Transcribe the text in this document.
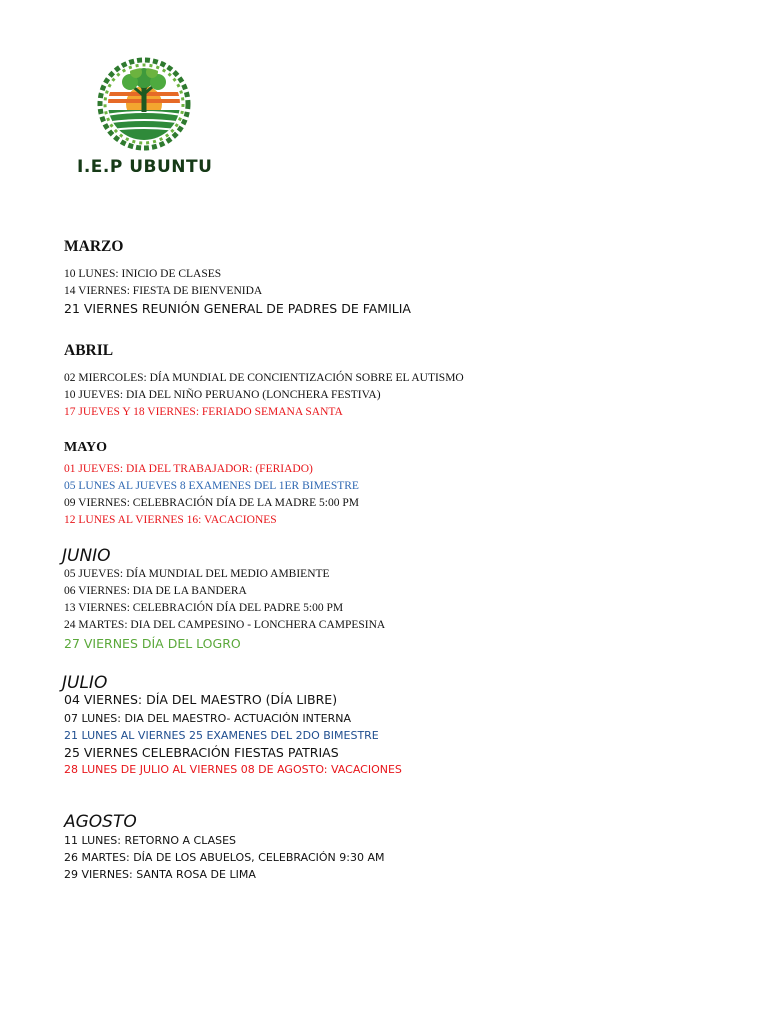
I.E.P UBUNTU
MARZO
10 LUNES: INICIO DE CLASES
14 VIERNES: FIESTA DE BIENVENIDA
21 VIERNES REUNIÓN GENERAL DE PADRES DE FAMILIA
ABRIL
02 MIERCOLES: DÍA MUNDIAL DE CONCIENTIZACIÓN SOBRE EL AUTISMO
10 JUEVES: DIA DEL NIÑO PERUANO (LONCHERA FESTIVA)
17 JUEVES Y 18 VIERNES: FERIADO SEMANA SANTA
MAYO
01 JUEVES: DIA DEL TRABAJADOR: (FERIADO)
05 LUNES AL JUEVES 8 EXAMENES DEL 1ER BIMESTRE
09 VIERNES: CELEBRACIÓN DÍA DE LA MADRE 5:00 PM
12 LUNES AL VIERNES 16: VACACIONES
JUNIO
05 JUEVES: DÍA MUNDIAL DEL MEDIO AMBIENTE
06 VIERNES: DIA DE LA BANDERA
13 VIERNES: CELEBRACIÓN DÍA DEL PADRE 5:00 PM
24 MARTES: DIA DEL CAMPESINO - LONCHERA CAMPESINA
27 VIERNES DÍA DEL LOGRO
JULIO
04 VIERNES: DÍA DEL MAESTRO (DÍA LIBRE)
07 LUNES: DIA DEL MAESTRO- ACTUACIÓN INTERNA
21 LUNES AL VIERNES 25 EXAMENES DEL 2DO BIMESTRE
25 VIERNES CELEBRACIÓN FIESTAS PATRIAS
28 LUNES DE JULIO AL VIERNES 08 DE AGOSTO: VACACIONES
AGOSTO
11 LUNES: RETORNO A CLASES
26 MARTES: DÍA DE LOS ABUELOS, CELEBRACIÓN 9:30 AM
29 VIERNES: SANTA ROSA DE LIMA
